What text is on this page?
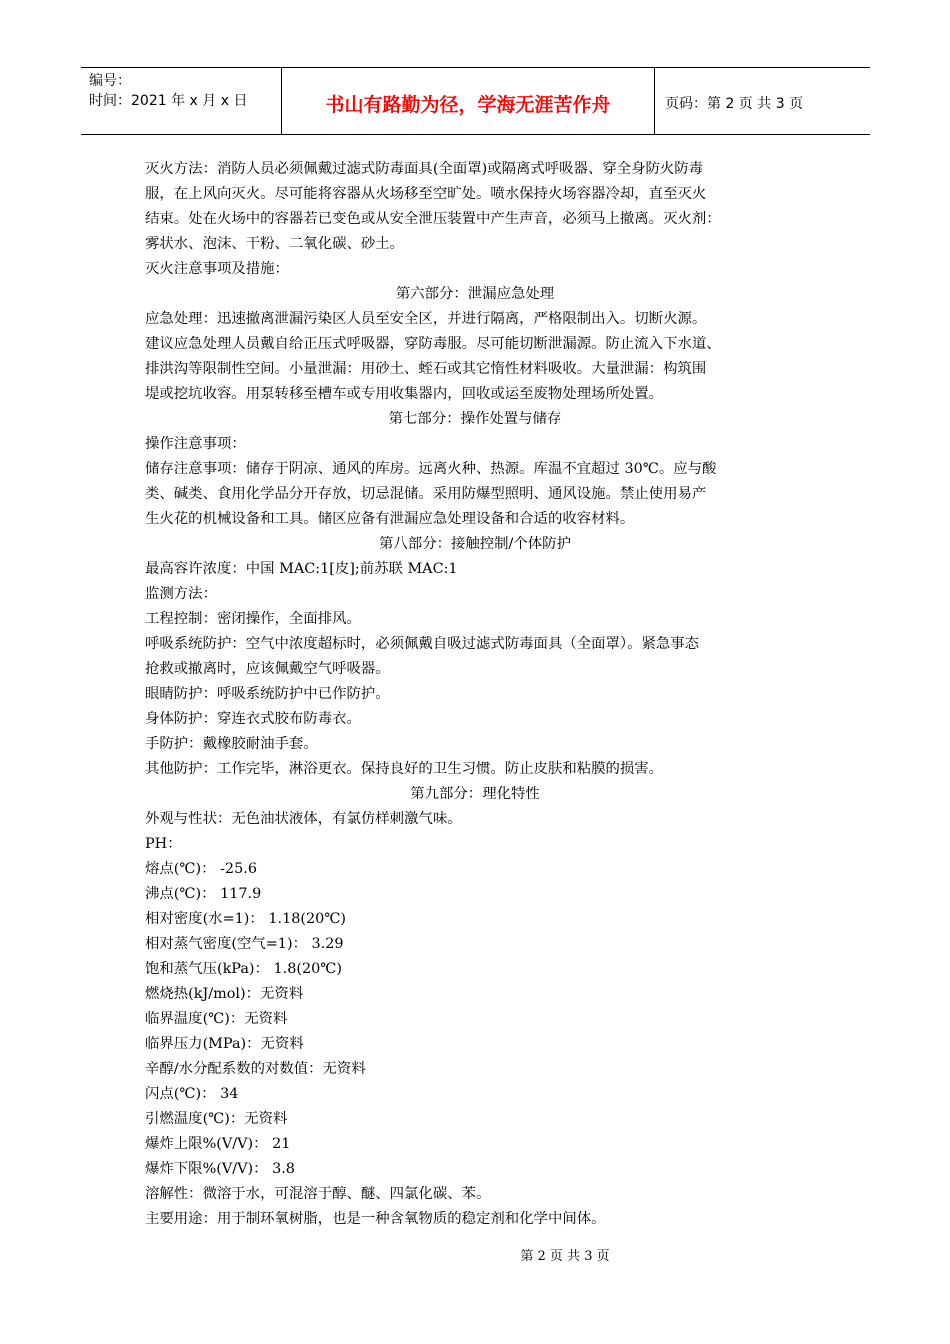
编号：
时间：2021 年 x 月 x 日	书山有路勤为径，学海无涯苦作舟	页码：第 2 页 共 3 页
灭火方法：消防人员必须佩戴过滤式防毒面具(全面罩)或隔离式呼吸器、穿全身防火防毒
服，在上风向灭火。尽可能将容器从火场移至空旷处。喷水保持火场容器冷却，直至灭火
结束。处在火场中的容器若已变色或从安全泄压装置中产生声音，必须马上撤离。灭火剂：
雾状水、泡沫、干粉、二氧化碳、砂土。
灭火注意事项及措施：
第六部分：泄漏应急处理
应急处理：迅速撤离泄漏污染区人员至安全区，并进行隔离，严格限制出入。切断火源。
建议应急处理人员戴自给正压式呼吸器，穿防毒服。尽可能切断泄漏源。防止流入下水道、
排洪沟等限制性空间。小量泄漏：用砂土、蛭石或其它惰性材料吸收。大量泄漏：构筑围
堤或挖坑收容。用泵转移至槽车或专用收集器内，回收或运至废物处理场所处置。
第七部分：操作处置与储存
操作注意事项：
储存注意事项：储存于阴凉、通风的库房。远离火种、热源。库温不宜超过 30℃。应与酸
类、碱类、食用化学品分开存放，切忌混储。采用防爆型照明、通风设施。禁止使用易产
生火花的机械设备和工具。储区应备有泄漏应急处理设备和合适的收容材料。
第八部分：接触控制/个体防护
最高容许浓度：中国 MAC:1[皮];前苏联 MAC:1
监测方法：
工程控制：密闭操作，全面排风。
呼吸系统防护：空气中浓度超标时，必须佩戴自吸过滤式防毒面具（全面罩）。紧急事态
抢救或撤离时，应该佩戴空气呼吸器。
眼睛防护：呼吸系统防护中已作防护。
身体防护：穿连衣式胶布防毒衣。
手防护：戴橡胶耐油手套。
其他防护：工作完毕，淋浴更衣。保持良好的卫生习惯。防止皮肤和粘膜的损害。
第九部分：理化特性
外观与性状：无色油状液体，有氯仿样刺激气味。
PH：
熔点(℃)： -25.6
沸点(℃)： 117.9
相对密度(水=1)： 1.18(20℃)
相对蒸气密度(空气=1)： 3.29
饱和蒸气压(kPa)： 1.8(20℃)
燃烧热(kJ/mol)：无资料
临界温度(℃)：无资料
临界压力(MPa)：无资料
辛醇/水分配系数的对数值：无资料
闪点(℃)： 34
引燃温度(℃)：无资料
爆炸上限%(V/V)： 21
爆炸下限%(V/V)： 3.8
溶解性：微溶于水，可混溶于醇、醚、四氯化碳、苯。
主要用途：用于制环氧树脂，也是一种含氧物质的稳定剂和化学中间体。
第 2 页 共 3 页
